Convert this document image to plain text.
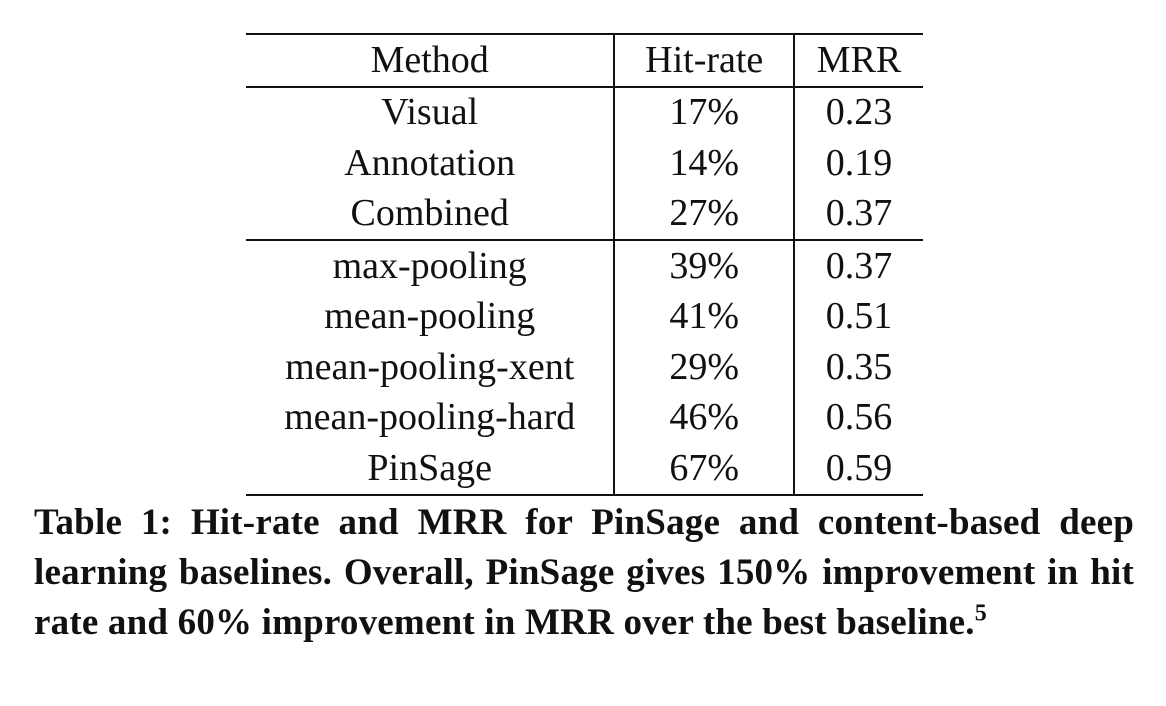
Method	Hit-rate	MRR
Visual	17%	0.23
Annotation	14%	0.19
Combined	27%	0.37
max-pooling	39%	0.37
mean-pooling	41%	0.51
mean-pooling-xent	29%	0.35
mean-pooling-hard	46%	0.56
PinSage	67%	0.59
Table 1: Hit-rate and MRR for PinSage and content-based deep learning baselines. Overall, PinSage gives 150% improvement in hit rate and 60% improvement in MRR over the best baseline.$^5$
